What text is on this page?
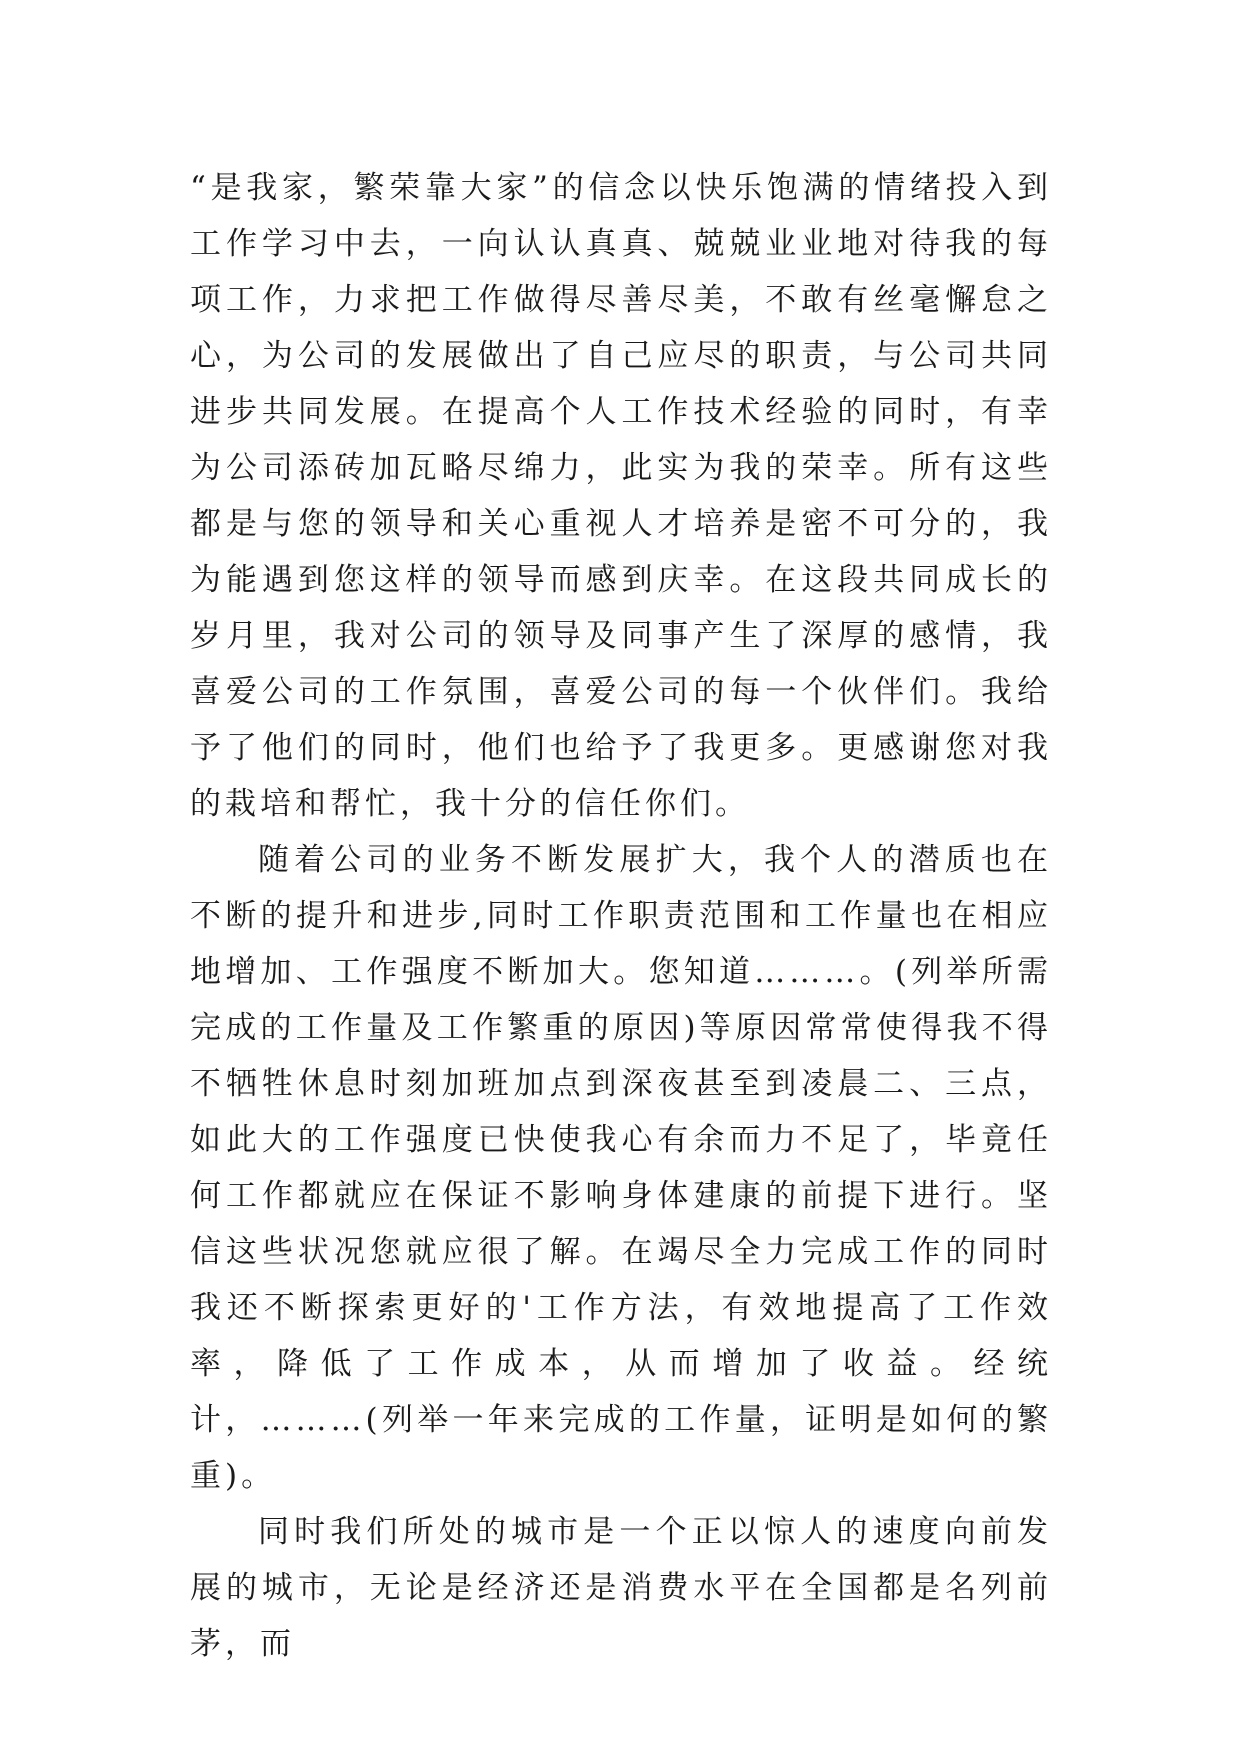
“是我家，繁荣靠大家”的信念以快乐饱满的情绪投入到工作学习中去，一向认认真真、兢兢业业地对待我的每项工作，力求把工作做得尽善尽美，不敢有丝毫懈怠之心，为公司的发展做出了自己应尽的职责，与公司共同进步共同发展。在提高个人工作技术经验的同时，有幸为公司添砖加瓦略尽绵力，此实为我的荣幸。所有这些都是与您的领导和关心重视人才培养是密不可分的，我为能遇到您这样的领导而感到庆幸。在这段共同成长的岁月里，我对公司的领导及同事产生了深厚的感情，我喜爱公司的工作氛围，喜爱公司的每一个伙伴们。我给予了他们的同时，他们也给予了我更多。更感谢您对我的栽培和帮忙，我十分的信任你们。

随着公司的业务不断发展扩大，我个人的潜质也在不断的提升和进步,同时工作职责范围和工作量也在相应地增加、工作强度不断加大。您知道………。(列举所需完成的工作量及工作繁重的原因)等原因常常使得我不得不牺牲休息时刻加班加点到深夜甚至到凌晨二、三点，如此大的工作强度已快使我心有余而力不足了，毕竟任何工作都就应在保证不影响身体建康的前提下进行。坚信这些状况您就应很了解。在竭尽全力完成工作的同时我还不断探索更好的'工作方法，有效地提高了工作效率，降低了工作成本，从而增加了收益。经统计，………(列举一年来完成的工作量，证明是如何的繁重)。

同时我们所处的城市是一个正以惊人的速度向前发展的城市，无论是经济还是消费水平在全国都是名列前茅，而
